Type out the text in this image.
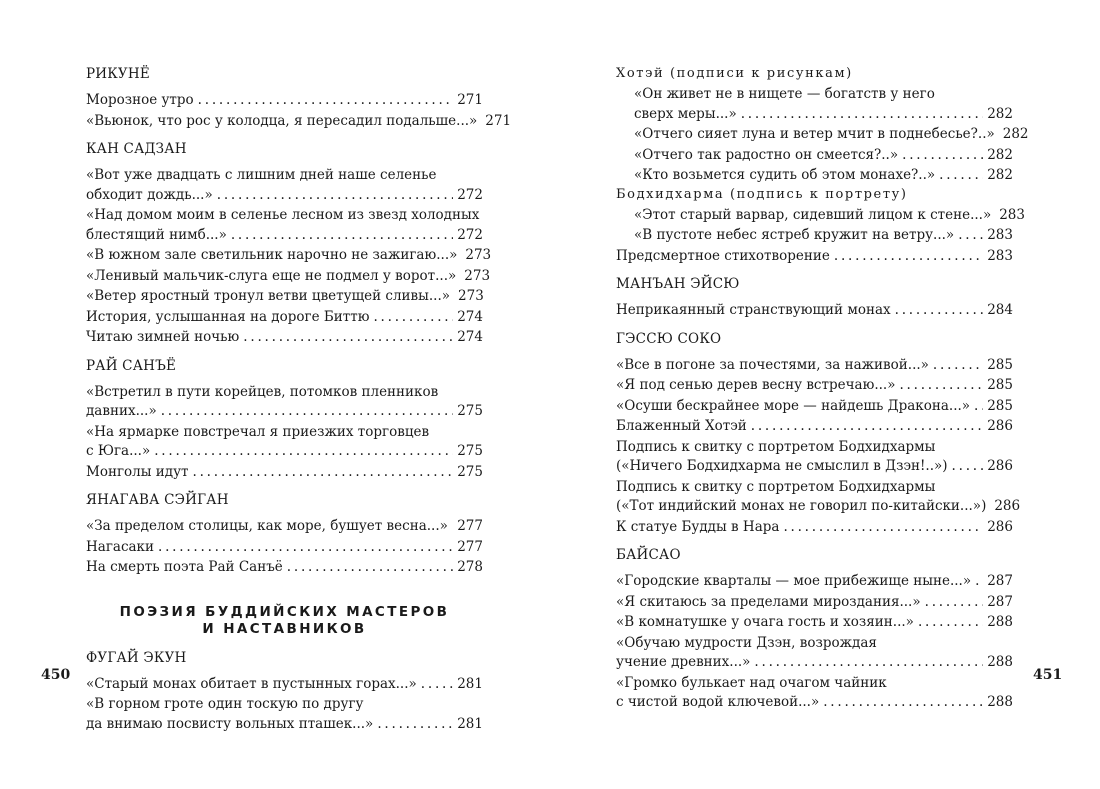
РИКУНЁ
Морозное утро . . .	271
«Вьюнок, что рос у колодца, я пересадил подальше...» 271
КАН САДЗАН
«Вот уже двадцать с лишним дней наше селенье
обходит дождь...» . . .	272
«Над домом моим в селенье лесном из звезд холодных
блестящий нимб...» . . .	272
«В южном зале светильник нарочно не зажигаю...» 273
«Ленивый мальчик-слуга еще не подмел у ворот...» 273
«Ветер яростный тронул ветви цветущей сливы...» 273
История, услышанная на дороге Биттю . . .	274
Читаю зимней ночью . . .	274
РАЙ САНЪЁ
«Встретил в пути корейцев, потомков пленников
давних...» . . .	275
«На ярмарке повстречал я приезжих торговцев
с Юга...» . . .	275
Монголы идут . . .	275
ЯНАГАВА СЭЙГАН
«За пределом столицы, как море, бушует весна...» . . . 277
Нагасаки . . .	277
На смерть поэта Рай Санъё . . .	278
ПОЭЗИЯ БУДДИЙСКИХ МАСТЕРОВ
И НАСТАВНИКОВ
ФУГАЙ ЭКУН
«Старый монах обитает в пустынных горах...» . . .	281
«В горном гроте один тоскую по другу
да внимаю посвисту вольных пташек...» . . .	281
Хотэй (подписи к рисункам)
«Он живет не в нищете — богатств у него
сверх меры...» . . .	282
«Отчего сияет луна и ветер мчит в поднебесье?..» 282
«Отчего так радостно он смеется?..» . . .	282
«Кто возьмется судить об этом монахе?..» . . .	282
Бодхидхарма (подпись к портрету)
«Этот старый варвар, сидевший лицом к стене...» 283
«В пустоте небес ястреб кружит на ветру...» . . . 283
Предсмертное стихотворение . . .	283
МАНЪАН ЭЙСЮ
Неприкаянный странствующий монах . . .	284
ГЭССЮ СОКО
«Все в погоне за почестями, за наживой...» . . .	285
«Я под сенью дерев весну встречаю...» . . .	285
«Осуши бескрайнее море — найдешь Дракона...» . . . 285
Блаженный Хотэй . . .	286
Подпись к свитку с портретом Бодхидхармы
(«Ничего Бодхидхарма не смыслил в Дзэн!..») . . .	286
Подпись к свитку с портретом Бодхидхармы
(«Тот индийский монах не говорил по-китайски...») 286
К статуе Будды в Нара . . .	286
БАЙСАО
«Городские кварталы — мое прибежище ныне...» . . . 287
«Я скитаюсь за пределами мироздания...» . . .	287
«В комнатушке у очага гость и хозяин...» . . .	288
«Обучаю мудрости Дзэн, возрождая
учение древних...» . . .	288
«Громко булькает над очагом чайник
с чистой водой ключевой...» . . .	288
450	451
